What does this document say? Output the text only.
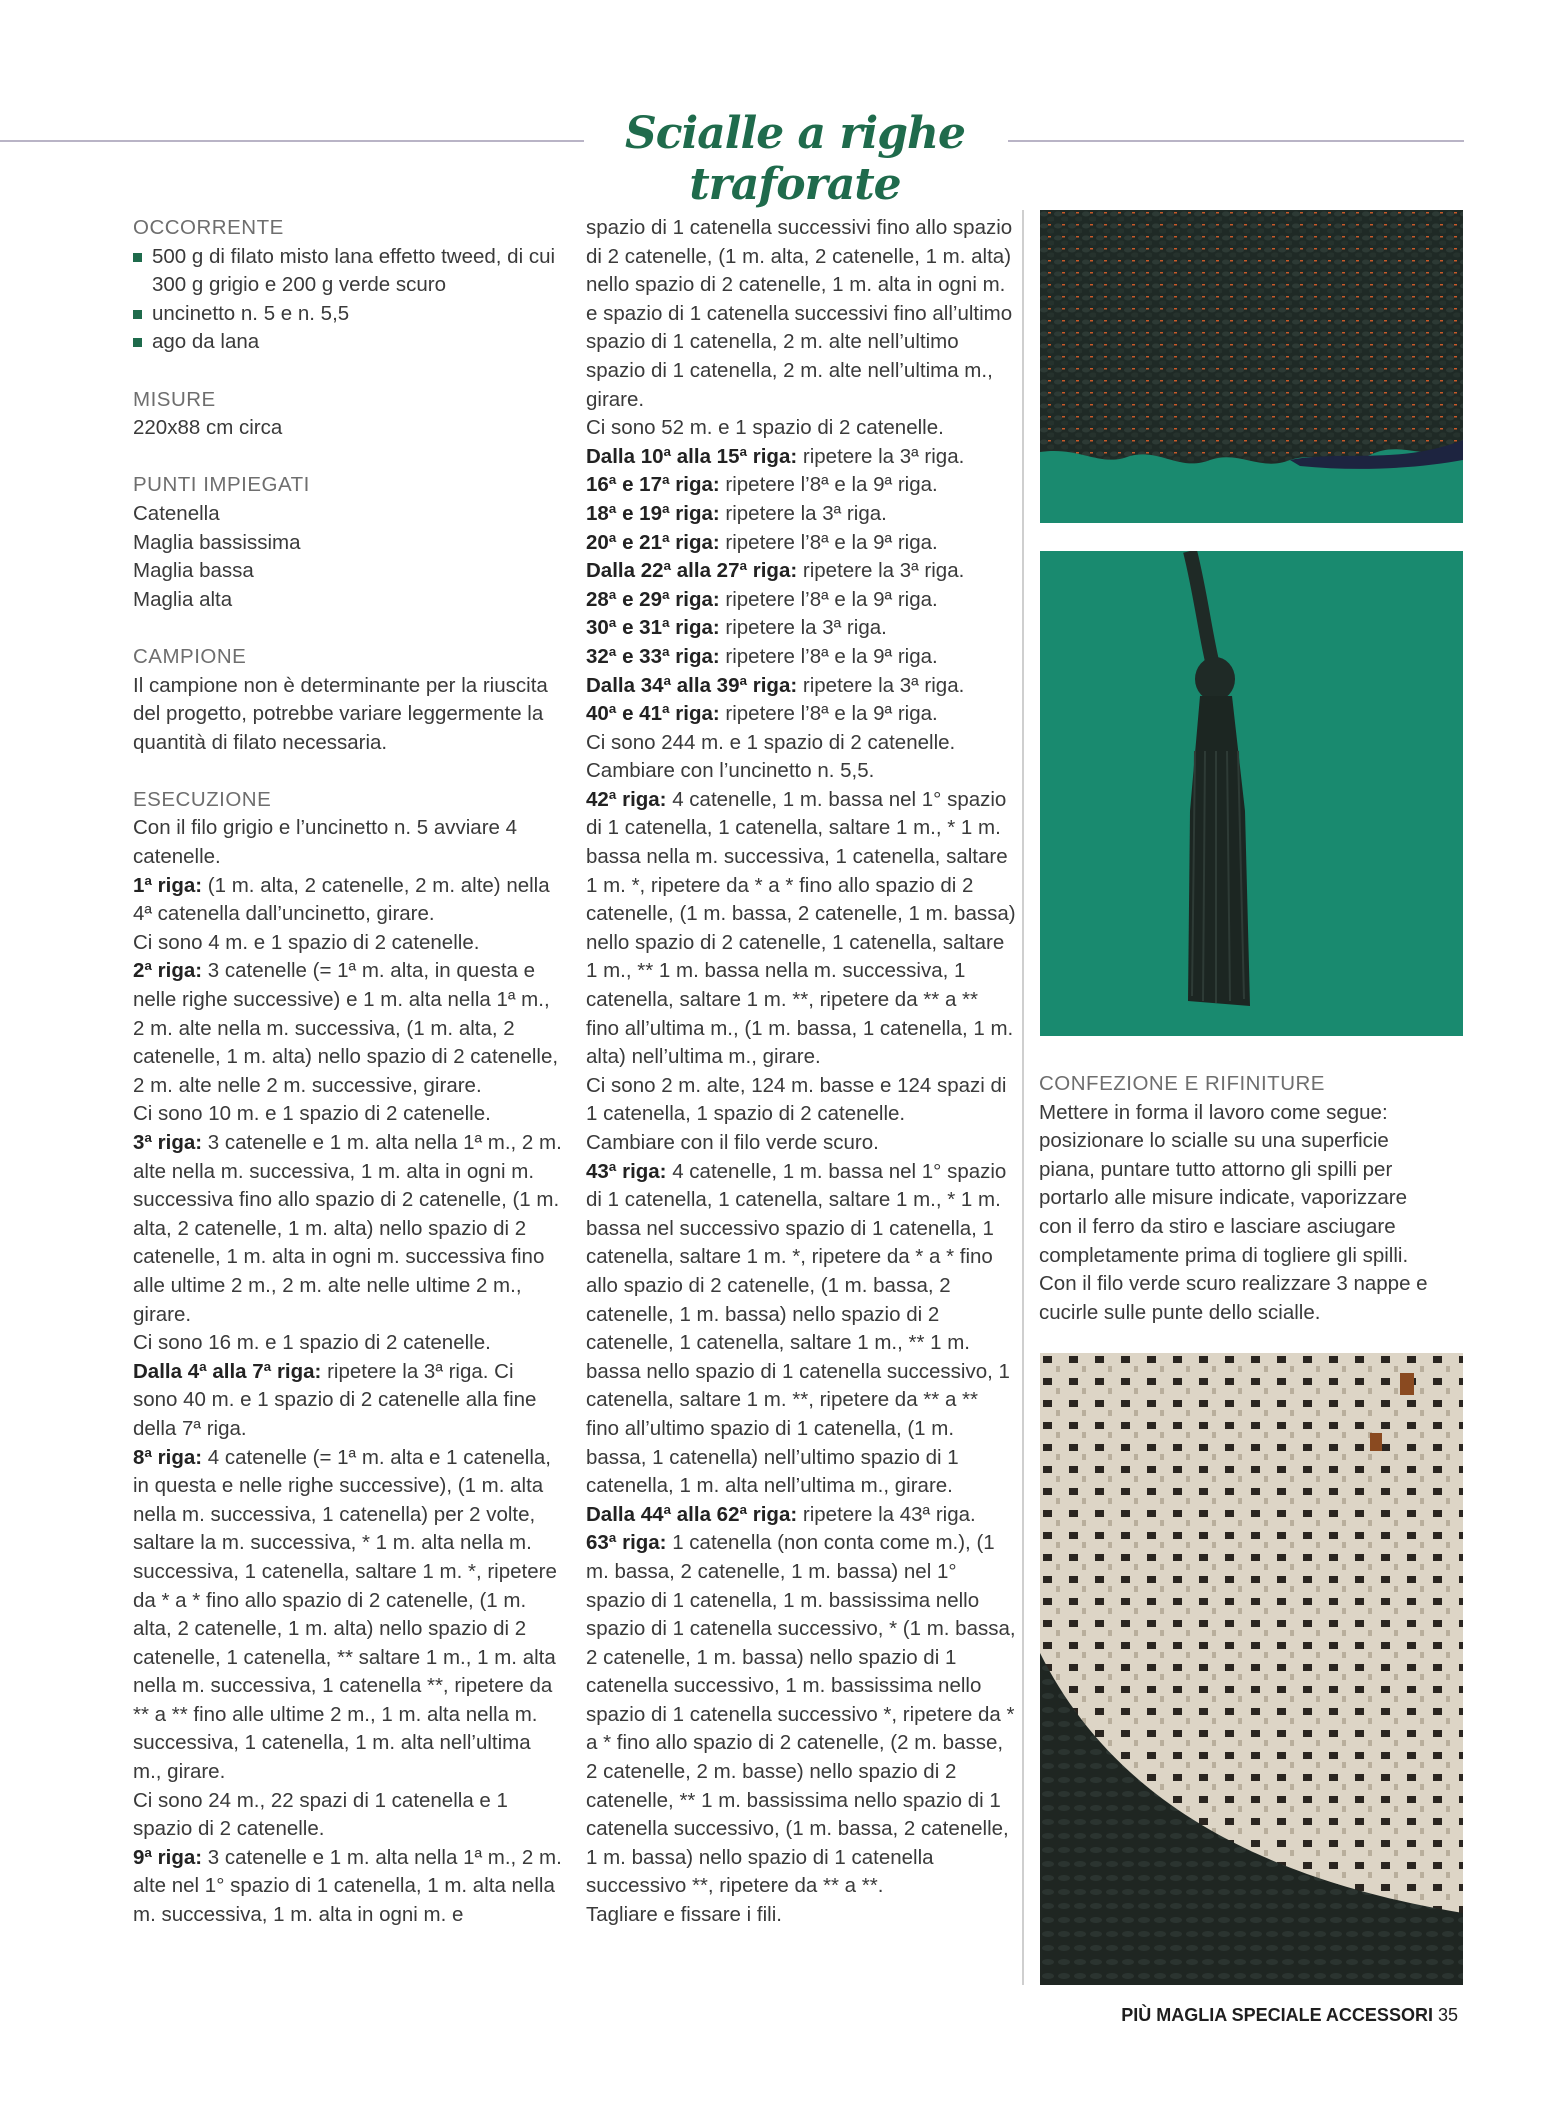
Scialle a righe traforate
OCCORRENTE
500 g di filato misto lana effetto tweed, di cui 300 g grigio e 200 g verde scuro
uncinetto n. 5 e n. 5,5
ago da lana
MISURE
220x88 cm circa
PUNTI IMPIEGATI
Catenella
Maglia bassissima
Maglia bassa
Maglia alta
CAMPIONE
Il campione non è determinante per la riuscita del progetto, potrebbe variare leggermente la quantità di filato necessaria.
ESECUZIONE

Con il filo grigio e l’uncinetto n. 5 avviare 4 catenelle.

1ª riga: (1 m. alta, 2 catenelle, 2 m. alte) nella 4ª catenella dall’uncinetto, girare.

Ci sono 4 m. e 1 spazio di 2 catenelle.

2ª riga: 3 catenelle (= 1ª m. alta, in questa e nelle righe successive) e 1 m. alta nella 1ª m., 2 m. alte nella m. successiva, (1 m. alta, 2 catenelle, 1 m. alta) nello spazio di 2 catenelle, 2 m. alte nelle 2 m. successive, girare.

Ci sono 10 m. e 1 spazio di 2 catenelle.

3ª riga: 3 catenelle e 1 m. alta nella 1ª m., 2 m. alte nella m. successiva, 1 m. alta in ogni m. successiva fino allo spazio di 2 catenelle, (1 m. alta, 2 catenelle, 1 m. alta) nello spazio di 2 catenelle, 1 m. alta in ogni m. successiva fino alle ultime 2 m., 2 m. alte nelle ultime 2 m., girare.

Ci sono 16 m. e 1 spazio di 2 catenelle.

Dalla 4ª alla 7ª riga: ripetere la 3ª riga. Ci sono 40 m. e 1 spazio di 2 catenelle alla fine della 7ª riga.

8ª riga: 4 catenelle (= 1ª m. alta e 1 catenella, in questa e nelle righe successive), (1 m. alta nella m. successiva, 1 catenella) per 2 volte, saltare la m. successiva, * 1 m. alta nella m. successiva, 1 catenella, saltare 1 m. *, ripetere da * a * fino allo spazio di 2 catenelle, (1 m. alta, 2 catenelle, 1 m. alta) nello spazio di 2 catenelle, 1 catenella, ** saltare 1 m., 1 m. alta nella m. successiva, 1 catenella **, ripetere da ** a ** fino alle ultime 2 m., 1 m. alta nella m. successiva, 1 catenella, 1 m. alta nell’ultima m., girare.

Ci sono 24 m., 22 spazi di 1 catenella e 1 spazio di 2 catenelle.

9ª riga: 3 catenelle e 1 m. alta nella 1ª m., 2 m. alte nel 1° spazio di 1 catenella, 1 m. alta nella m. successiva, 1 m. alta in ogni m. e

spazio di 1 catenella successivi fino allo spazio di 2 catenelle, (1 m. alta, 2 catenelle, 1 m. alta) nello spazio di 2 catenelle, 1 m. alta in ogni m. e spazio di 1 catenella successivi fino all’ultimo spazio di 1 catenella, 2 m. alte nell’ultimo spazio di 1 catenella, 2 m. alte nell’ultima m., girare.

Ci sono 52 m. e 1 spazio di 2 catenelle.

Dalla 10ª alla 15ª riga: ripetere la 3ª riga.

16ª e 17ª riga: ripetere l’8ª e la 9ª riga.

18ª e 19ª riga: ripetere la 3ª riga.

20ª e 21ª riga: ripetere l’8ª e la 9ª riga.

Dalla 22ª alla 27ª riga: ripetere la 3ª riga.

28ª e 29ª riga: ripetere l’8ª e la 9ª riga.

30ª e 31ª riga: ripetere la 3ª riga.

32ª e 33ª riga: ripetere l’8ª e la 9ª riga.

Dalla 34ª alla 39ª riga: ripetere la 3ª riga.

40ª e 41ª riga: ripetere l’8ª e la 9ª riga.

Ci sono 244 m. e 1 spazio di 2 catenelle.

Cambiare con l’uncinetto n. 5,5.

42ª riga: 4 catenelle, 1 m. bassa nel 1° spazio di 1 catenella, 1 catenella, saltare 1 m., * 1 m. bassa nella m. successiva, 1 catenella, saltare 1 m. *, ripetere da * a * fino allo spazio di 2 catenelle, (1 m. bassa, 2 catenelle, 1 m. bassa) nello spazio di 2 catenelle, 1 catenella, saltare 1 m., ** 1 m. bassa nella m. successiva, 1 catenella, saltare 1 m. **, ripetere da ** a ** fino all’ultima m., (1 m. bassa, 1 catenella, 1 m. alta) nell’ultima m., girare.

Ci sono 2 m. alte, 124 m. basse e 124 spazi di 1 catenella, 1 spazio di 2 catenelle.

Cambiare con il filo verde scuro.

43ª riga: 4 catenelle, 1 m. bassa nel 1° spazio di 1 catenella, 1 catenella, saltare 1 m., * 1 m. bassa nel successivo spazio di 1 catenella, 1 catenella, saltare 1 m. *, ripetere da * a * fino allo spazio di 2 catenelle, (1 m. bassa, 2 catenelle, 1 m. bassa) nello spazio di 2 catenelle, 1 catenella, saltare 1 m., ** 1 m. bassa nello spazio di 1 catenella successivo, 1 catenella, saltare 1 m. **, ripetere da ** a ** fino all’ultimo spazio di 1 catenella, (1 m. bassa, 1 catenella) nell’ultimo spazio di 1 catenella, 1 m. alta nell’ultima m., girare.

Dalla 44ª alla 62ª riga: ripetere la 43ª riga.

63ª riga: 1 catenella (non conta come m.), (1 m. bassa, 2 catenelle, 1 m. bassa) nel 1° spazio di 1 catenella, 1 m. bassissima nello spazio di 1 catenella successivo, * (1 m. bassa, 2 catenelle, 1 m. bassa) nello spazio di 1 catenella successivo, 1 m. bassissima nello spazio di 1 catenella successivo *, ripetere da * a * fino allo spazio di 2 catenelle, (2 m. basse, 2 catenelle, 2 m. basse) nello spazio di 2 catenelle, ** 1 m. bassissima nello spazio di 1 catenella successivo, (1 m. bassa, 2 catenelle, 1 m. bassa) nello spazio di 1 catenella successivo **, ripetere da ** a **.

Tagliare e fissare i fili.

CONFEZIONE E RIFINITURE
Mettere in forma il lavoro come segue: posizionare lo scialle su una superficie piana, puntare tutto attorno gli spilli per portarlo alle misure indicate, vaporizzare con il ferro da stiro e lasciare asciugare completamente prima di togliere gli spilli. Con il filo verde scuro realizzare 3 nappe e cucirle sulle punte dello scialle.
PIÙ MAGLIA SPECIALE ACCESSORI 35
